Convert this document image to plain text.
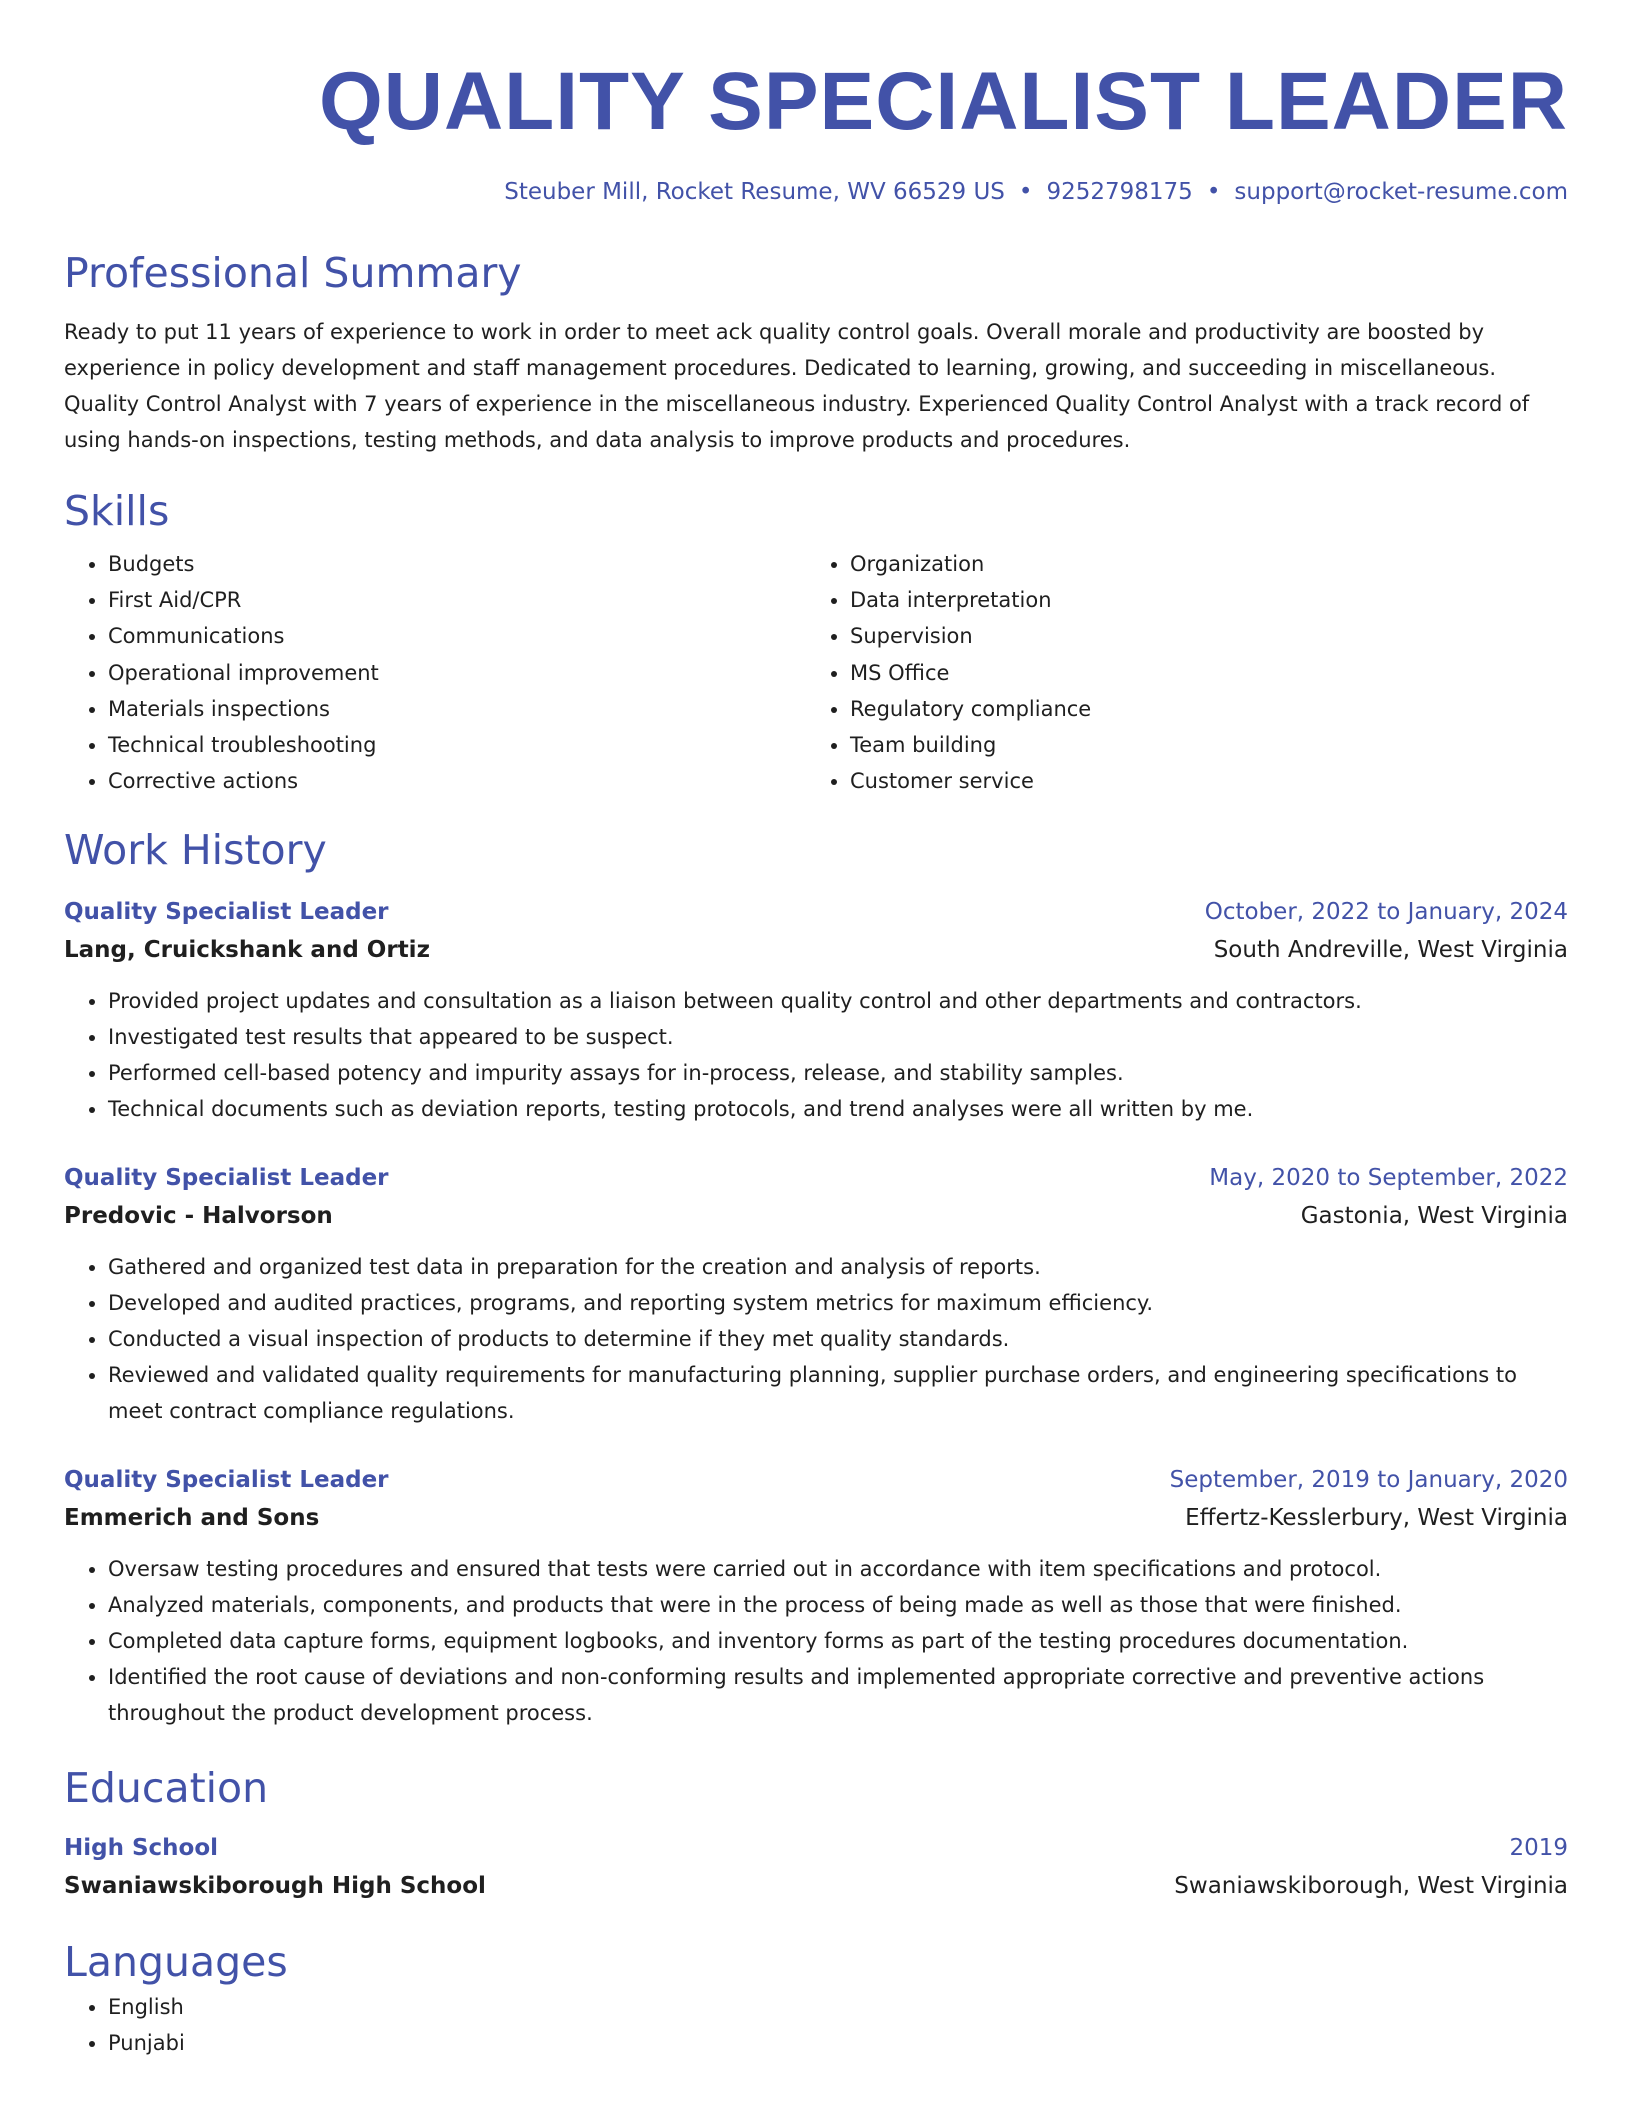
QUALITY SPECIALIST LEADER
Steuber Mill, Rocket Resume, WV 66529 US • 9252798175 • support@rocket-resume.com
Professional Summary
Ready to put 11 years of experience to work in order to meet ack quality control goals. Overall morale and productivity are boosted by experience in policy development and staff management procedures. Dedicated to learning, growing, and succeeding in miscellaneous. Quality Control Analyst with 7 years of experience in the miscellaneous industry. Experienced Quality Control Analyst with a track record of using hands-on inspections, testing methods, and data analysis to improve products and procedures.
Skills
• Budgets
• First Aid/CPR
• Communications
• Operational improvement
• Materials inspections
• Technical troubleshooting
• Corrective actions
• Organization
• Data interpretation
• Supervision
• MS Office
• Regulatory compliance
• Team building
• Customer service
Work History
Quality Specialist Leader	October, 2022 to January, 2024
Lang, Cruickshank and Ortiz	South Andreville, West Virginia
• Provided project updates and consultation as a liaison between quality control and other departments and contractors.
• Investigated test results that appeared to be suspect.
• Performed cell-based potency and impurity assays for in-process, release, and stability samples.
• Technical documents such as deviation reports, testing protocols, and trend analyses were all written by me.
Quality Specialist Leader	May, 2020 to September, 2022
Predovic - Halvorson	Gastonia, West Virginia
• Gathered and organized test data in preparation for the creation and analysis of reports.
• Developed and audited practices, programs, and reporting system metrics for maximum efficiency.
• Conducted a visual inspection of products to determine if they met quality standards.
• Reviewed and validated quality requirements for manufacturing planning, supplier purchase orders, and engineering specifications to meet contract compliance regulations.
Quality Specialist Leader	September, 2019 to January, 2020
Emmerich and Sons	Effertz-Kesslerbury, West Virginia
• Oversaw testing procedures and ensured that tests were carried out in accordance with item specifications and protocol.
• Analyzed materials, components, and products that were in the process of being made as well as those that were finished.
• Completed data capture forms, equipment logbooks, and inventory forms as part of the testing procedures documentation.
• Identified the root cause of deviations and non-conforming results and implemented appropriate corrective and preventive actions throughout the product development process.
Education
High School	2019
Swaniawskiborough High School	Swaniawskiborough, West Virginia
Languages
• English
• Punjabi
